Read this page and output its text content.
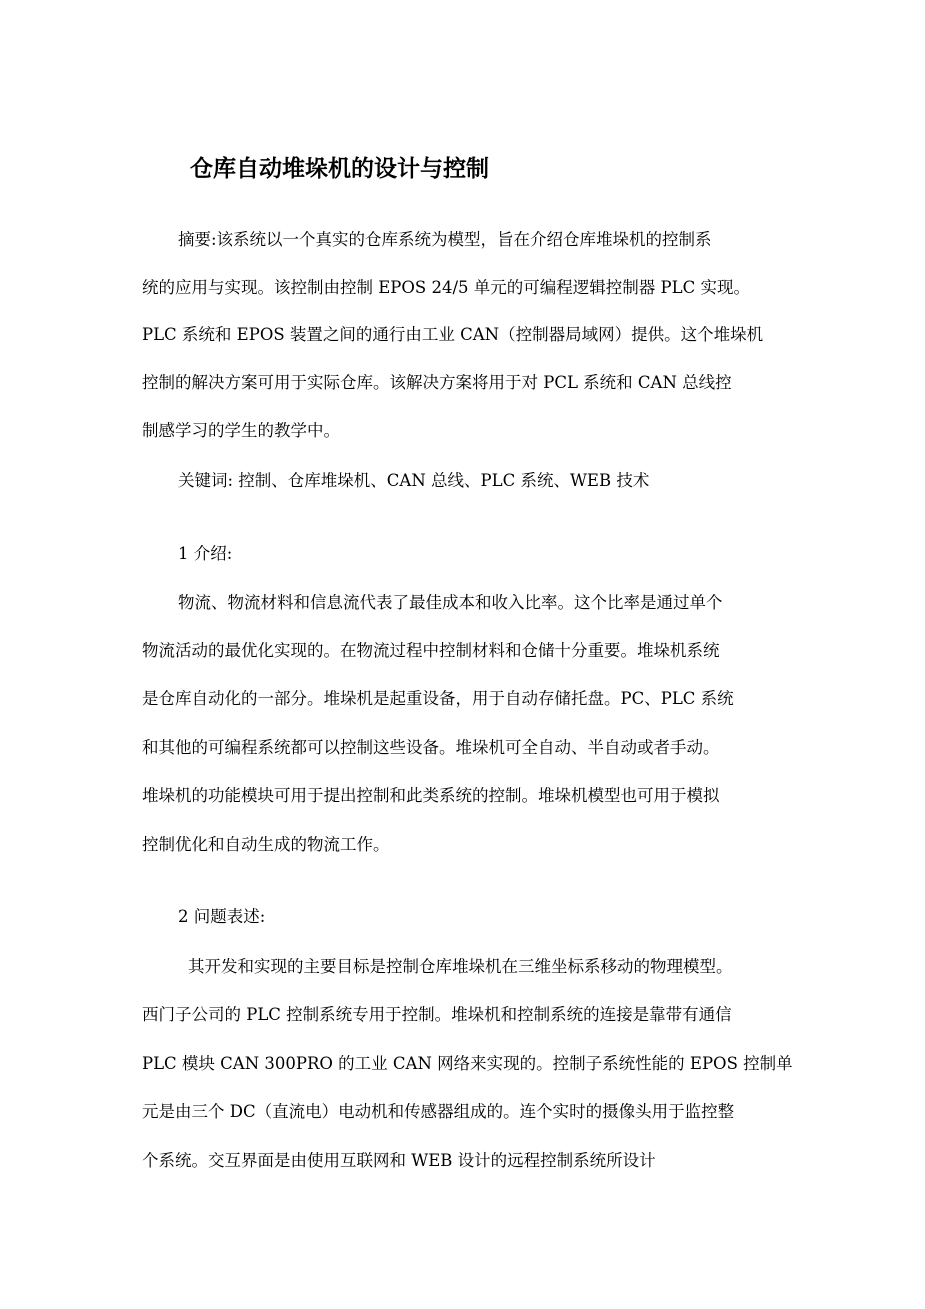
仓库自动堆垛机的设计与控制
摘要:该系统以一个真实的仓库系统为模型，旨在介绍仓库堆垛机的控制系
统的应用与实现。该控制由控制 EPOS 24/5 单元的可编程逻辑控制器 PLC 实现。
PLC 系统和 EPOS 装置之间的通行由工业 CAN（控制器局域网）提供。这个堆垛机
控制的解决方案可用于实际仓库。该解决方案将用于对 PCL 系统和 CAN 总线控
制感学习的学生的教学中。
关键词: 控制、仓库堆垛机、CAN 总线、PLC 系统、WEB 技术
1 介绍:
物流、物流材料和信息流代表了最佳成本和收入比率。这个比率是通过单个
物流活动的最优化实现的。在物流过程中控制材料和仓储十分重要。堆垛机系统
是仓库自动化的一部分。堆垛机是起重设备，用于自动存储托盘。PC、PLC 系统
和其他的可编程系统都可以控制这些设备。堆垛机可全自动、半自动或者手动。
堆垛机的功能模块可用于提出控制和此类系统的控制。堆垛机模型也可用于模拟
控制优化和自动生成的物流工作。
2 问题表述:
其开发和实现的主要目标是控制仓库堆垛机在三维坐标系移动的物理模型。
西门子公司的 PLC 控制系统专用于控制。堆垛机和控制系统的连接是靠带有通信
PLC 模块 CAN 300PRO 的工业 CAN 网络来实现的。控制子系统性能的 EPOS 控制单
元是由三个 DC（直流电）电动机和传感器组成的。连个实时的摄像头用于监控整
个系统。交互界面是由使用互联网和 WEB 设计的远程控制系统所设计
